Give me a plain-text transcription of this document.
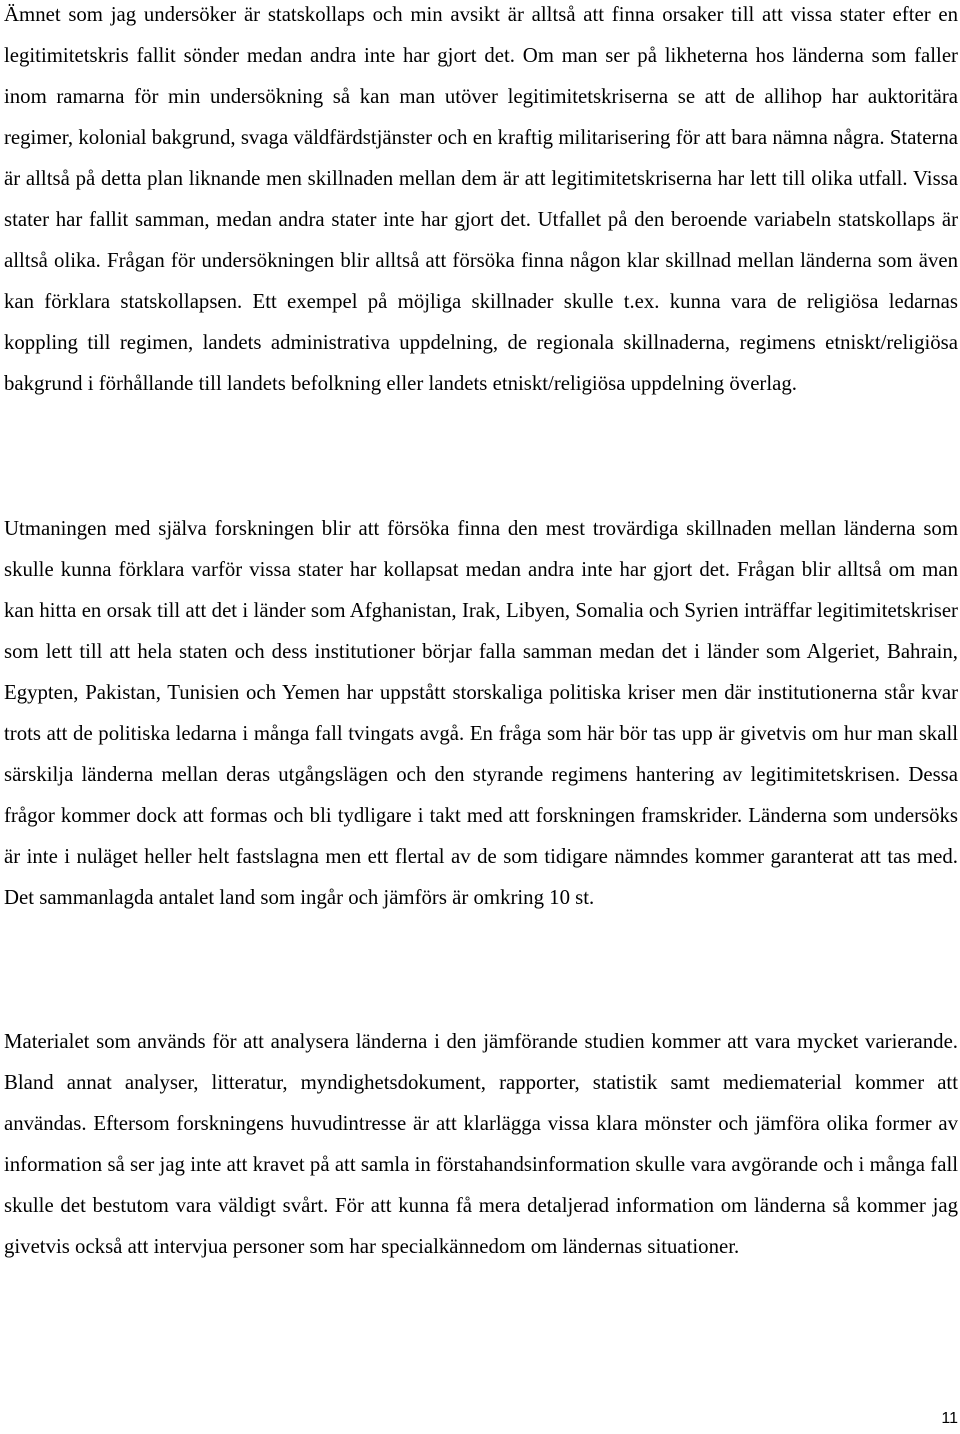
Ämnet som jag undersöker är statskollaps och min avsikt är alltså att finna orsaker till att vissa stater efter en legitimitetskris fallit sönder medan andra inte har gjort det. Om man ser på likheterna hos länderna som faller inom ramarna för min undersökning så kan man utöver legitimitetskriserna se att de allihop har auktoritära regimer, kolonial bakgrund, svaga väldfärdstjänster och en kraftig militarisering för att bara nämna några. Staterna är alltså på detta plan liknande men skillnaden mellan dem är att legitimitetskriserna har lett till olika utfall. Vissa stater har fallit samman, medan andra stater inte har gjort det. Utfallet på den beroende variabeln statskollaps är alltså olika. Frågan för undersökningen blir alltså att försöka finna någon klar skillnad mellan länderna som även kan förklara statskollapsen. Ett exempel på möjliga skillnader skulle t.ex. kunna vara de religiösa ledarnas koppling till regimen, landets administrativa uppdelning, de regionala skillnaderna, regimens etniskt/religiösa bakgrund i förhållande till landets befolkning eller landets etniskt/religiösa uppdelning överlag.

Utmaningen med själva forskningen blir att försöka finna den mest trovärdiga skillnaden mellan länderna som skulle kunna förklara varför vissa stater har kollapsat medan andra inte har gjort det. Frågan blir alltså om man kan hitta en orsak till att det i länder som Afghanistan, Irak, Libyen, Somalia och Syrien inträffar legitimitetskriser som lett till att hela staten och dess institutioner börjar falla samman medan det i länder som Algeriet, Bahrain, Egypten, Pakistan, Tunisien och Yemen har uppstått storskaliga politiska kriser men där institutionerna står kvar trots att de politiska ledarna i många fall tvingats avgå. En fråga som här bör tas upp är givetvis om hur man skall särskilja länderna mellan deras utgångslägen och den styrande regimens hantering av legitimitetskrisen. Dessa frågor kommer dock att formas och bli tydligare i takt med att forskningen framskrider. Länderna som undersöks är inte i nuläget heller helt fastslagna men ett flertal av de som tidigare nämndes kommer garanterat att tas med. Det sammanlagda antalet land som ingår och jämförs är omkring 10 st.

Materialet som används för att analysera länderna i den jämförande studien kommer att vara mycket varierande. Bland annat analyser, litteratur, myndighetsdokument, rapporter, statistik samt mediematerial kommer att användas. Eftersom forskningens huvudintresse är att klarlägga vissa klara mönster och jämföra olika former av information så ser jag inte att kravet på att samla in förstahandsinformation skulle vara avgörande och i många fall skulle det bestutom vara väldigt svårt. För att kunna få mera detaljerad information om länderna så kommer jag givetvis också att intervjua personer som har specialkännedom om ländernas situationer.

11
